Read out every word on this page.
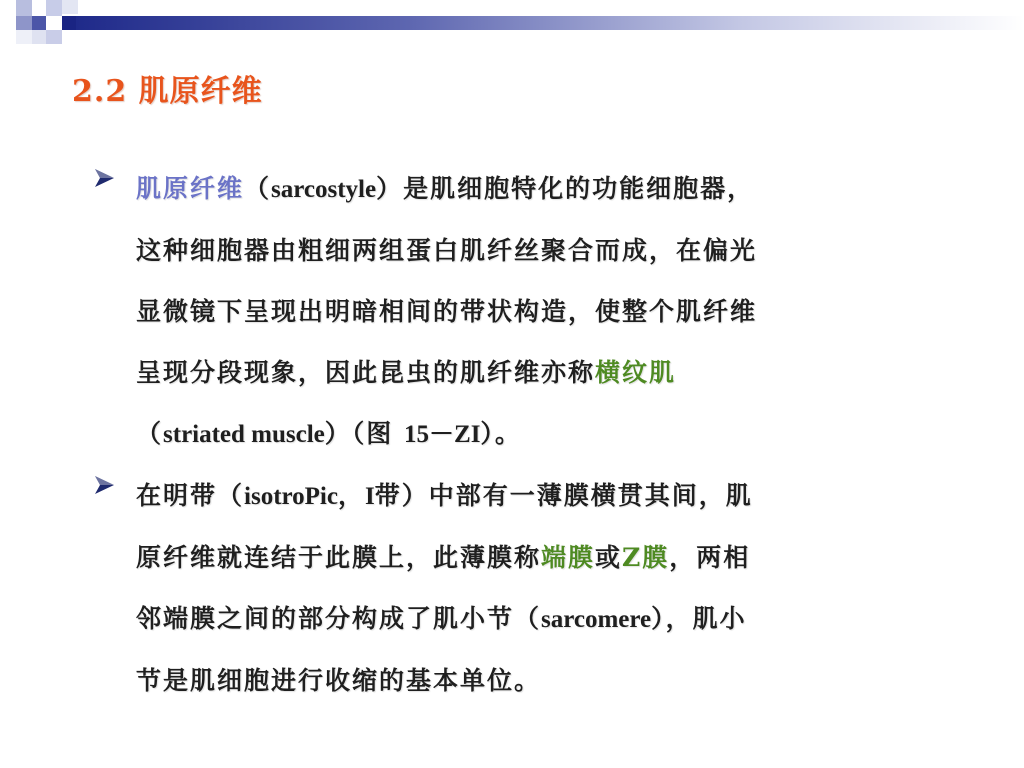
2.2 肌原纤维

肌原纤维（sarcostyle）是肌细胞特化的功能细胞器，
这种细胞器由粗细两组蛋白肌纤丝聚合而成，在偏光
显微镜下呈现出明暗相间的带状构造，使整个肌纤维
呈现分段现象，因此昆虫的肌纤维亦称横纹肌
（striated muscle）（图 15－ZI）。

在明带（isotroPic，I带）中部有一薄膜横贯其间，肌
原纤维就连结于此膜上，此薄膜称端膜或Z膜，两相
邻端膜之间的部分构成了肌小节（sarcomere），肌小
节是肌细胞进行收缩的基本单位。
